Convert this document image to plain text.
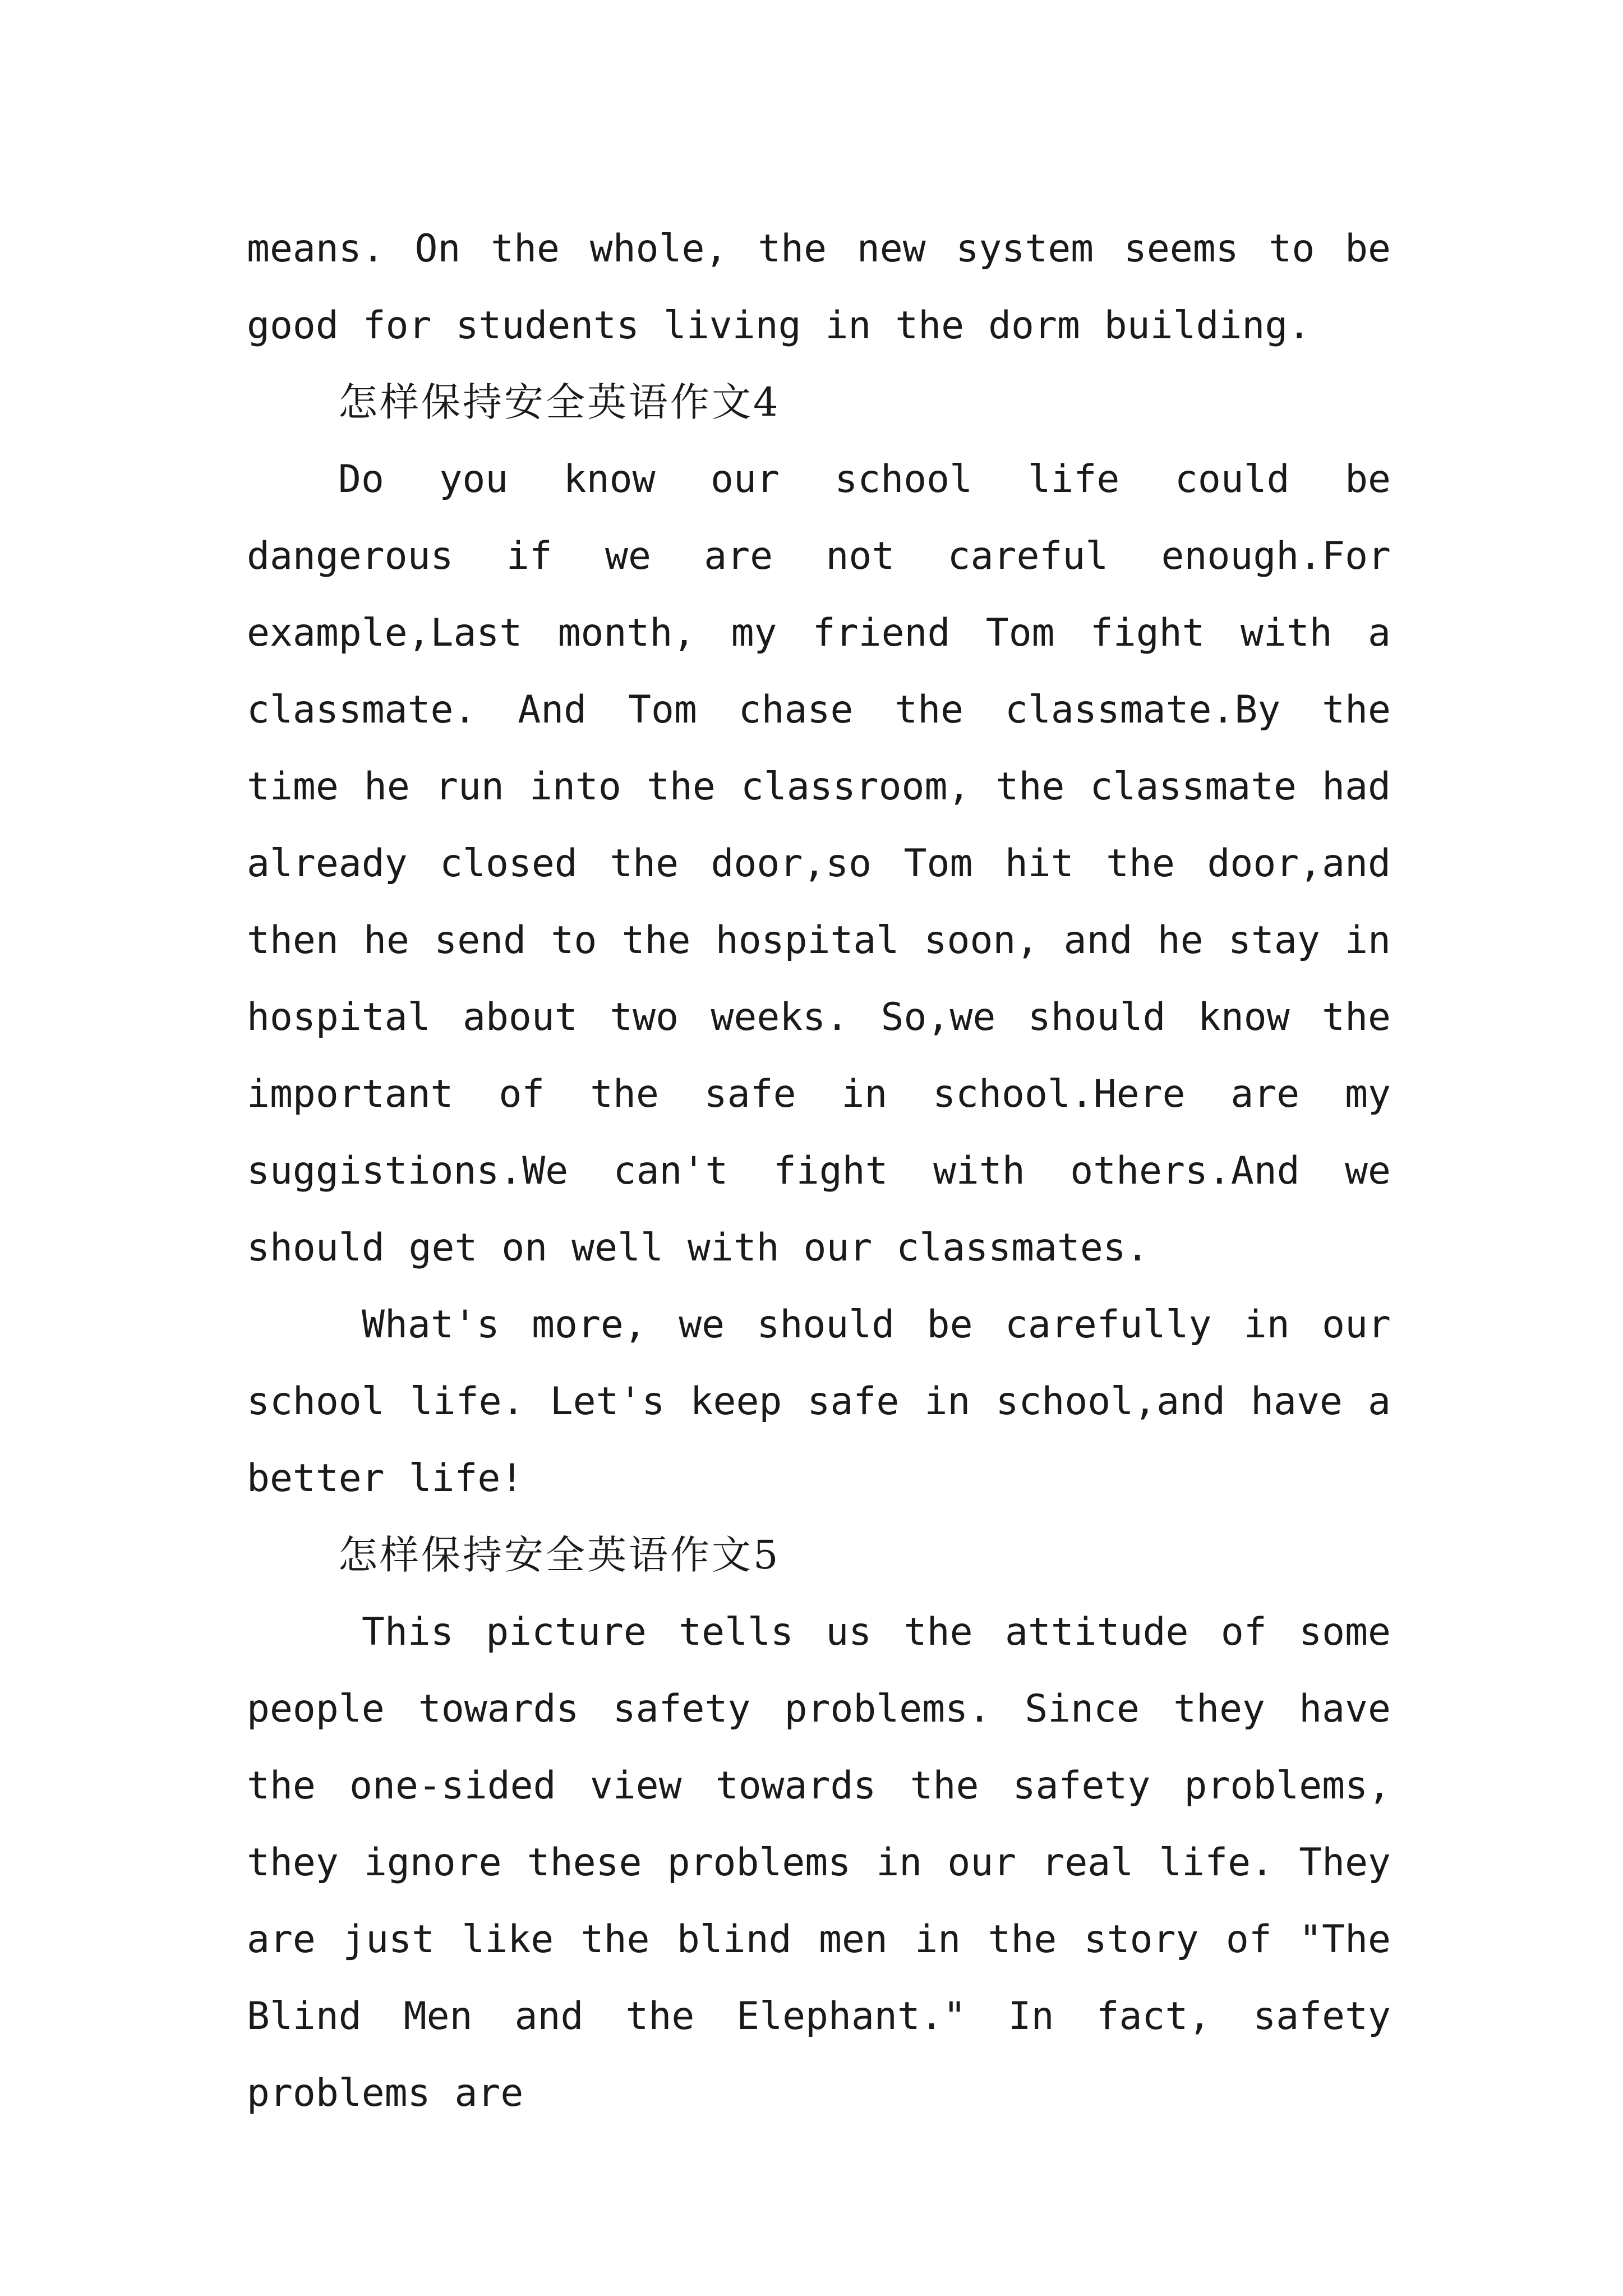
means. On the whole, the new system seems to be good for students living in the dorm building.

怎样保持安全英语作文4

Do you know our school life could be dangerous if we are not careful enough.For example,Last month, my friend Tom fight with a classmate. And Tom chase the classmate.By the time he run into the classroom, the classmate had already closed the door,so Tom hit the door,and then he send to the hospital soon, and he stay in hospital about two weeks. So,we should know the important of the safe in school.Here are my suggistions.We can't fight with others.And we should get on well with our classmates.

What's more, we should be carefully in our school life. Let's keep safe in school,and have a better life!

怎样保持安全英语作文5

This picture tells us the attitude of some people towards safety problems. Since they have the one-sided view towards the safety problems, they ignore these problems in our real life. They are just like the blind men in the story of "The Blind Men and the Elephant." In fact, safety problems are
